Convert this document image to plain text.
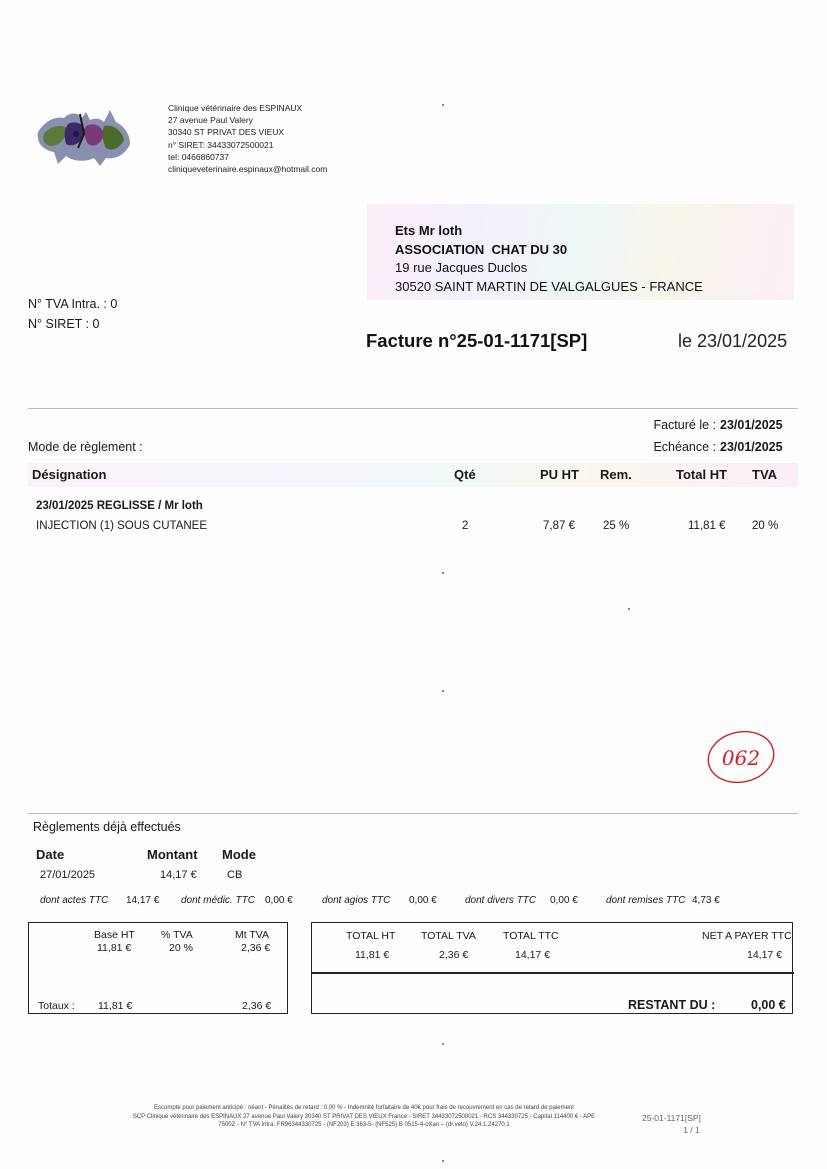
Clinique vétérinaire des ESPINAUX
27 avenue Paul Valery
30340 ST PRIVAT DES VIEUX
n° SIRET: 34433072500021
tel: 0466860737
cliniqueveterinaire.espinaux@hotmail.com
Ets Mr loth
ASSOCIATION  CHAT DU 30
19 rue Jacques Duclos
30520 SAINT MARTIN DE VALGALGUES - FRANCE
N° TVA Intra. : 0
N° SIRET : 0
Facture n°25-01-1171[SP]	le 23/01/2025
Facturé le : 23/01/2025
Echéance : 23/01/2025
Mode de règlement :
Désignation	Qté	PU HT Rem.	Total HT TVA
23/01/2025 REGLISSE / Mr loth
INJECTION (1) SOUS CUTANEE	2	7,87 € 25 %	11,81 € 20 %
062
Règlements déjà effectués
Date	Montant Mode
27/01/2025	14,17 €	CB
dont actes TTC 14,17 € dont médic. TTC 0,00 €	dont agios TTC 0,00 €	dont divers TTC 0,00 €	dont remises TTC 4,73 €
Base HT % TVA	Mt TVA
11,81 €	20 %	2,36 €
Totaux : 11,81 €	2,36 €
TOTAL HT TOTAL TVA	TOTAL TTC	NET A PAYER TTC
11,81 €	2,36 €	14,17 €	14,17 €
RESTANT DU :	0,00 €
Escompte pour paiement anticipé : néant - Pénalités de retard : 0,00 % - Indemnité forfaitaire de 40€ pour frais de recouvrement en cas de retard de paiement
SCP Clinique vétérinaire des ESPINAUX 27 avenue Paul Valery 30340 ST PRIVAT DES VIEUX France - SIRET 34433072500021 - RCS 344330725 - Capital 114400 € - APE
7500Z - N° TVA Intra. FR96344330725 - (NF203) E 363-5- (NF525) B 0515-4-oXan – (dr.veto) V.24.1.24270.1
25-01-1171[SP]
1 / 1
